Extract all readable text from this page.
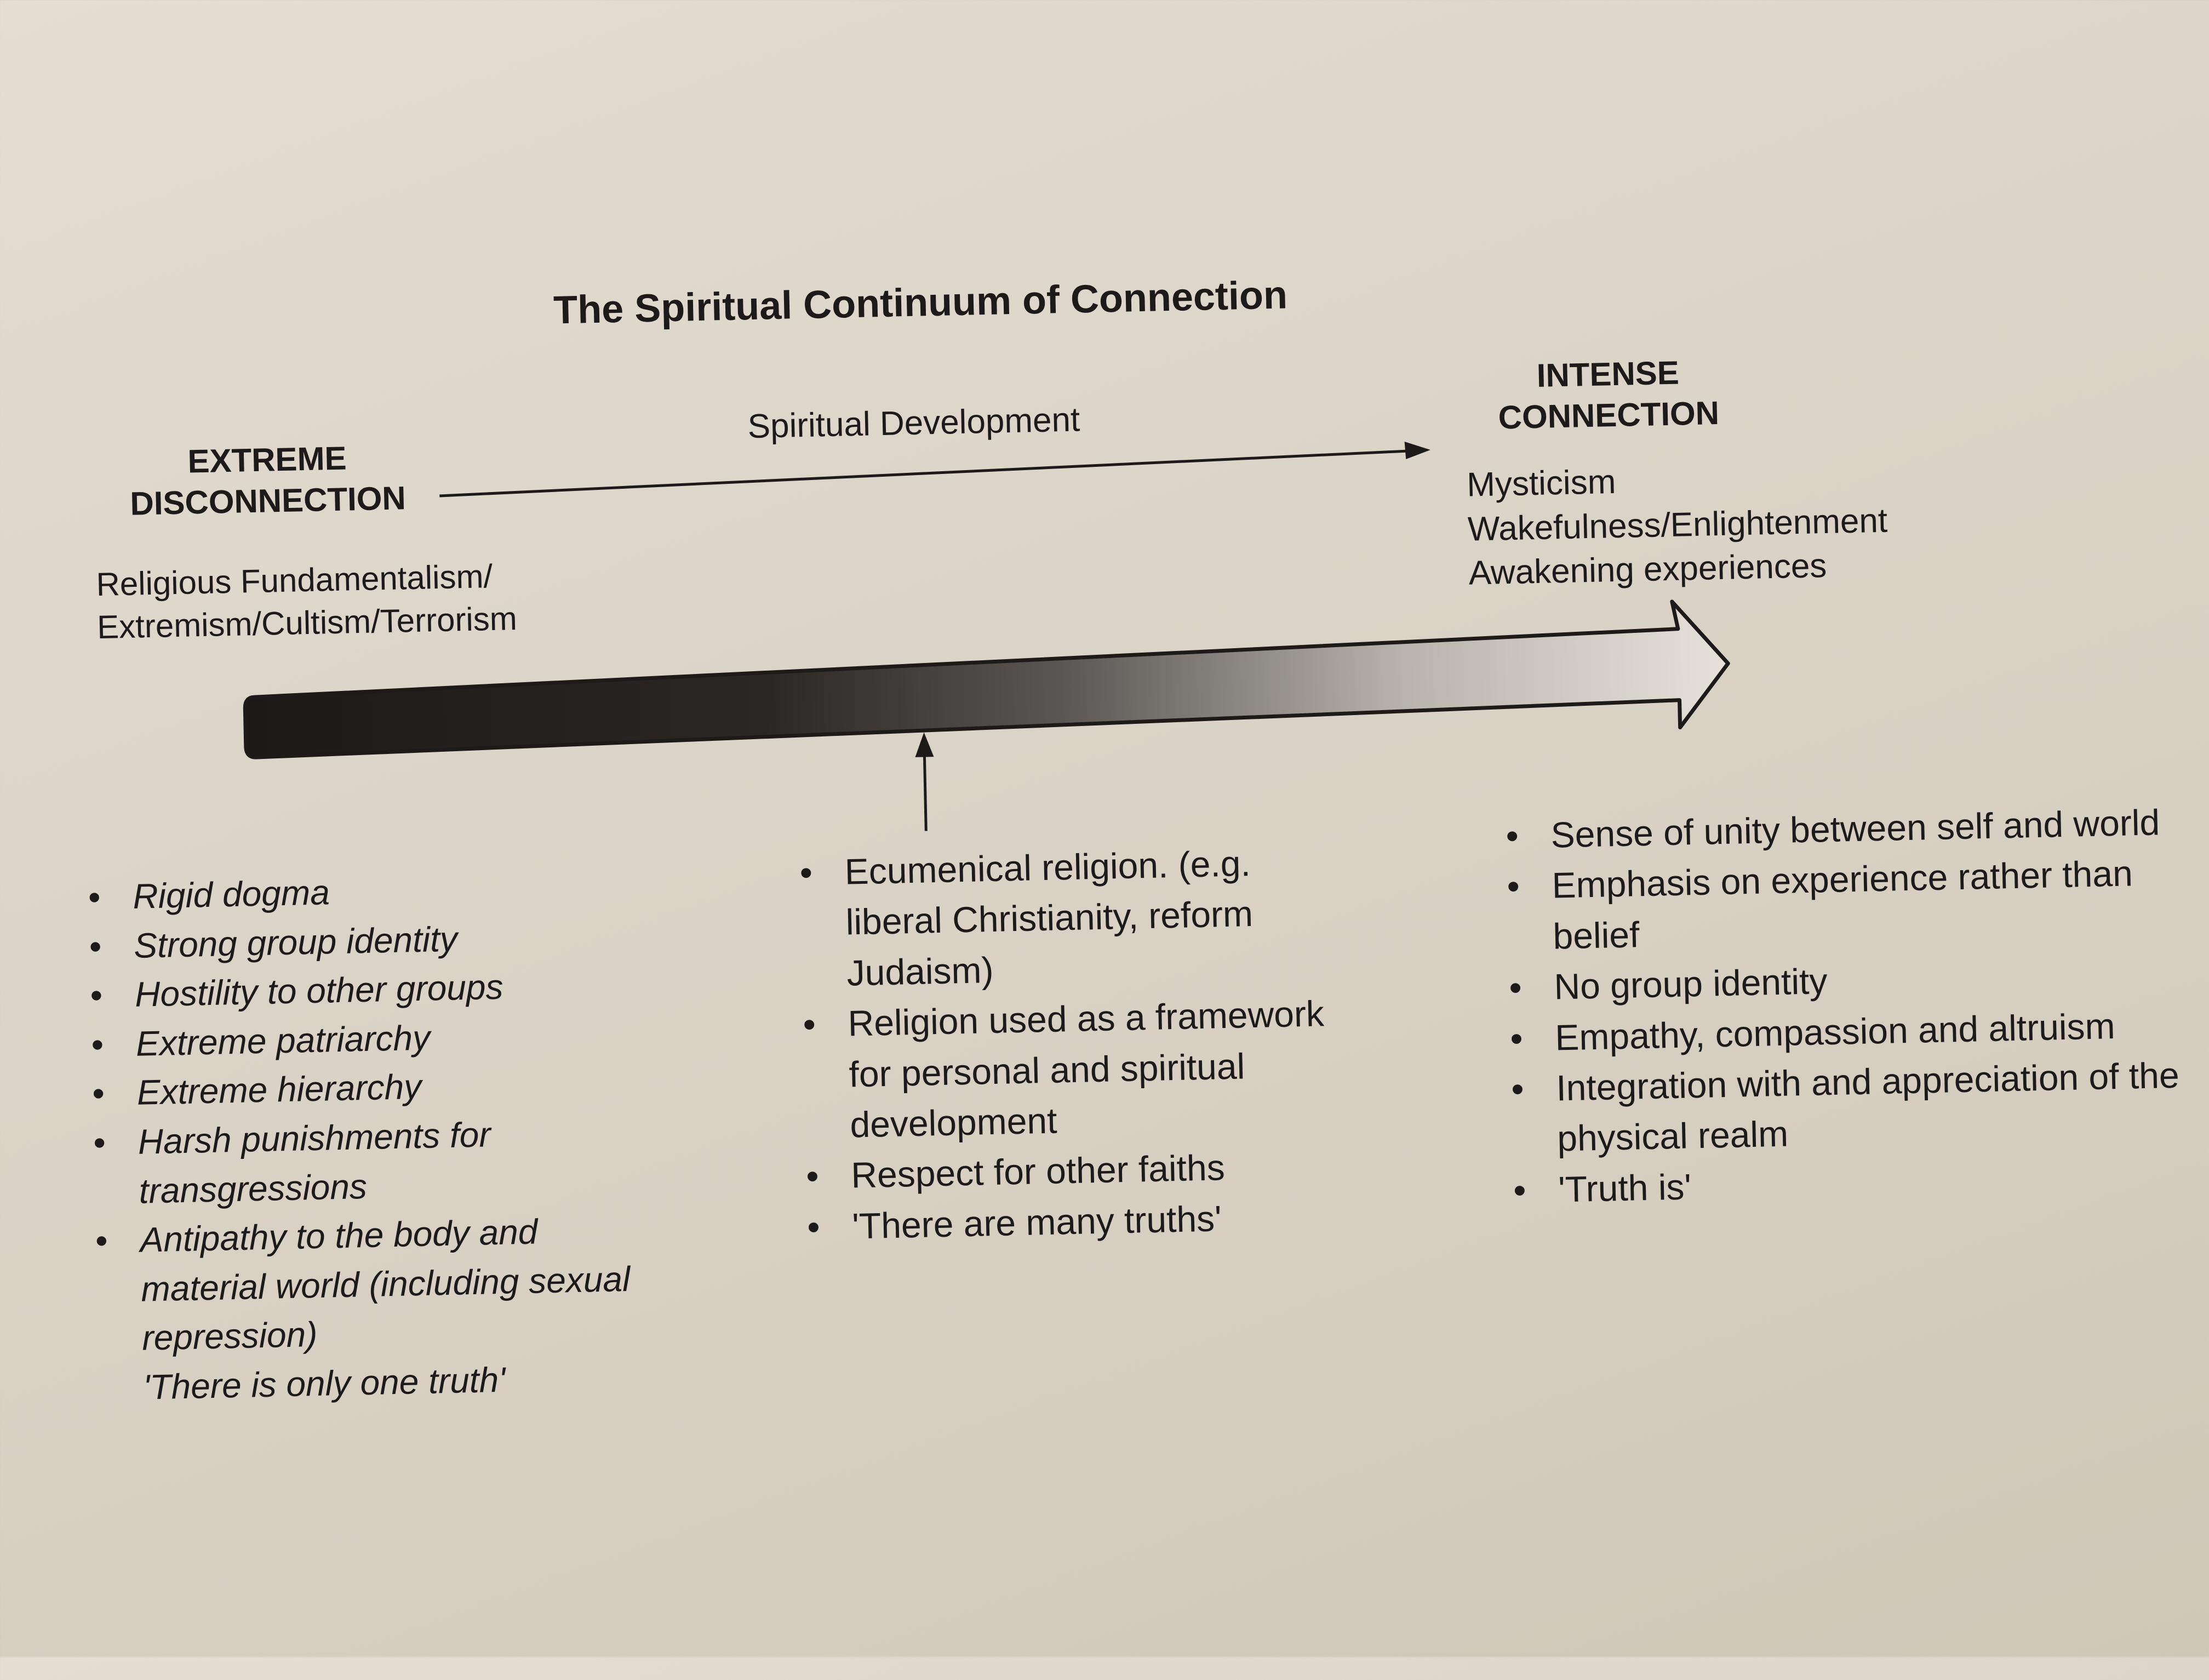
The Spiritual Continuum of Connection
Spiritual Development
EXTREME
DISCONNECTION
INTENSE
CONNECTION
Religious Fundamentalism/
Extremism/Cultism/Terrorism
Mysticism
Wakefulness/Enlightenment
Awakening experiences
• Rigid dogma
• Strong group identity
• Hostility to other groups
• Extreme patriarchy
• Extreme hierarchy
• Harsh punishments for transgressions
• Antipathy to the body and material world (including sexual repression)
'There is only one truth'
• Ecumenical religion. (e.g. liberal Christianity, reform Judaism)
• Religion used as a framework for personal and spiritual development
• Respect for other faiths
• 'There are many truths'
• Sense of unity between self and world
• Emphasis on experience rather than belief
• No group identity
• Empathy, compassion and altruism
• Integration with and appreciation of the physical realm
• 'Truth is'
